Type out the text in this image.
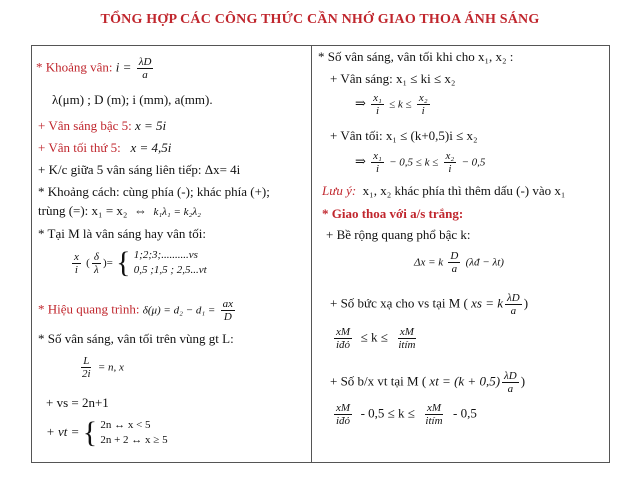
TỔNG HỢP CÁC CÔNG THỨC CẦN NHỚ GIAO THOA ÁNH SÁNG
* Khoảng vân: $i = \frac{\lambda D}{a}$
λ(μm) ; D (m); i (mm), a(mm).
+ Vân sáng bậc 5: x = 5i
+ Vân tối thứ 5: x = 4,5i
+ K/c giữa 5 vân sáng liên tiếp: Δx= 4i
* Khoảng cách: cùng phía (-); khác phía (+);
trùng (=): x₁ = x₂  ⇔  k₁λ₁ = k₂λ₂
* Tại M là vân sáng hay vân tối:
$\frac{x}{i}$ ( $\frac{\delta}{\lambda}$ )= { 1;2;3;..........vs
0,5 ;1,5 ; 2,5...vt
* Hiệu quang trình: $\delta(\mu) = d_2 - d_1 = \frac{ax}{D}$
* Số vân sáng, vân tối trên vùng gt L:
$\frac{L}{2i} = n$, x
+ vs = 2n+1
+ vt = { 2n ↔ x < 5
2n + 2 ↔ x ≥ 5
* Số vân sáng, vân tối khi cho x₁, x₂ :
+ Vân sáng: x₁ ≤ ki ≤ x₂
⇒ $\frac{\text{x₁}}{i} \le k \le \frac{\text{x₂}}{i}$
+ Vân tối: x₁ ≤ (k+0,5)i ≤ x₂
⇒ $\frac{\text{x₁}}{i} - 0,5 \le k \le \frac{\text{x₂}}{i} - 0,5$
Lưu ý: x₁, x₂ khác phía thì thêm dấu (-) vào x₁
* Giao thoa với a/s trắng:
+ Bề rộng quang phổ bậc k:
Δx = k $\frac{D}{a}$ (λđ − λt)
+ Số bức xạ cho vs tại M ( xs = k $\frac{\lambda D}{a}$ )
$\frac{xM}{\text{iđỏ}} \le k \le \frac{xM}{\text{itím}}$
+ Số b/x vt tại M ( xt = $(k + 0,5) \frac{\lambda D}{a}$ )
$\frac{xM}{\text{iđỏ}} - 0,5 \le k \le \frac{xM}{\text{itím}} - 0,5$
